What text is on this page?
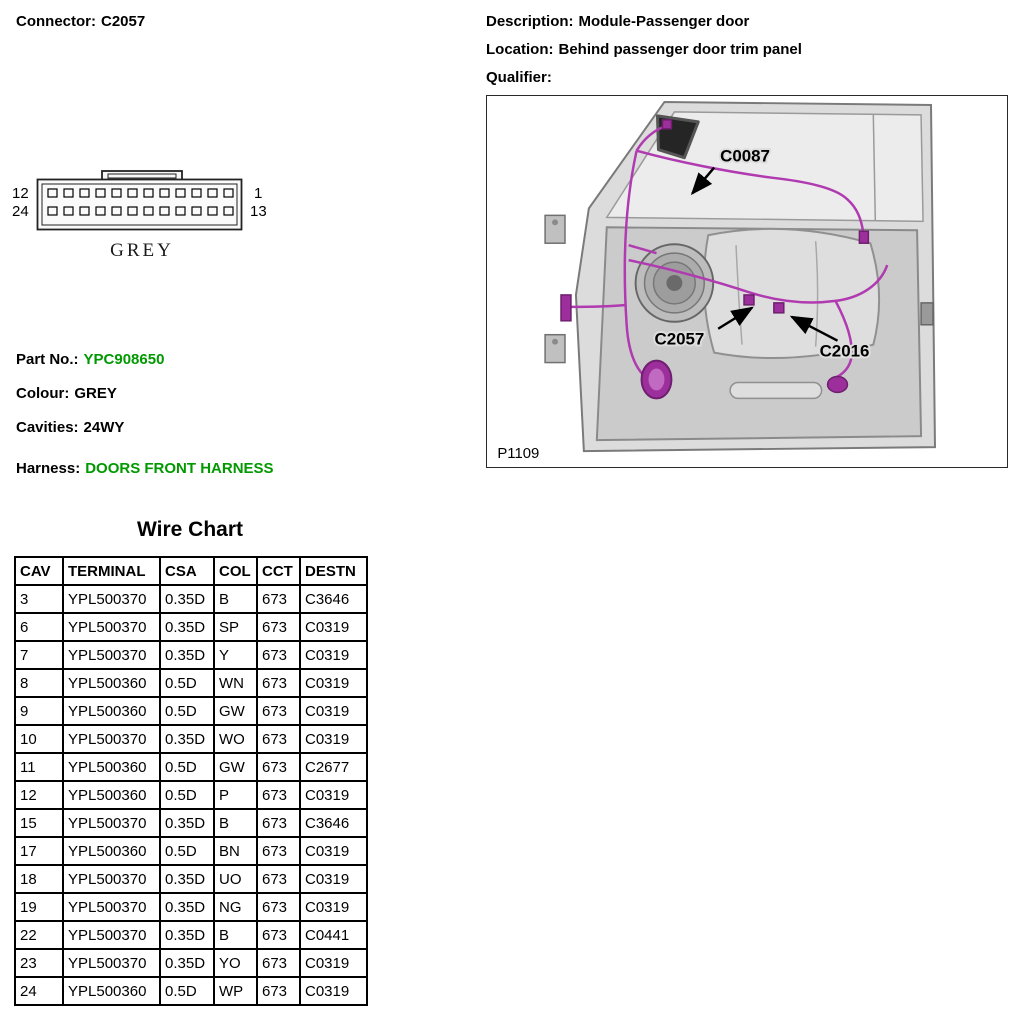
Connector: C2057	Description: Module-Passenger door
Location: Behind passenger door trim panel
Qualifier:
12
24
1
13
GREY
Part No.: YPC908650
Colour: GREY
Cavities: 24WY
Harness: DOORS FRONT HARNESS
C0087
C2057
C2016
P1109
Wire Chart
CAV	TERMINAL	CSA	COL	CCT	DESTN
3	YPL500370	0.35D	B	673	C3646
6	YPL500370	0.35D	SP	673	C0319
7	YPL500370	0.35D	Y	673	C0319
8	YPL500360	0.5D	WN	673	C0319
9	YPL500360	0.5D	GW	673	C0319
10	YPL500370	0.35D	WO	673	C0319
11	YPL500360	0.5D	GW	673	C2677
12	YPL500360	0.5D	P	673	C0319
15	YPL500370	0.35D	B	673	C3646
17	YPL500360	0.5D	BN	673	C0319
18	YPL500370	0.35D	UO	673	C0319
19	YPL500370	0.35D	NG	673	C0319
22	YPL500370	0.35D	B	673	C0441
23	YPL500370	0.35D	YO	673	C0319
24	YPL500360	0.5D	WP	673	C0319
